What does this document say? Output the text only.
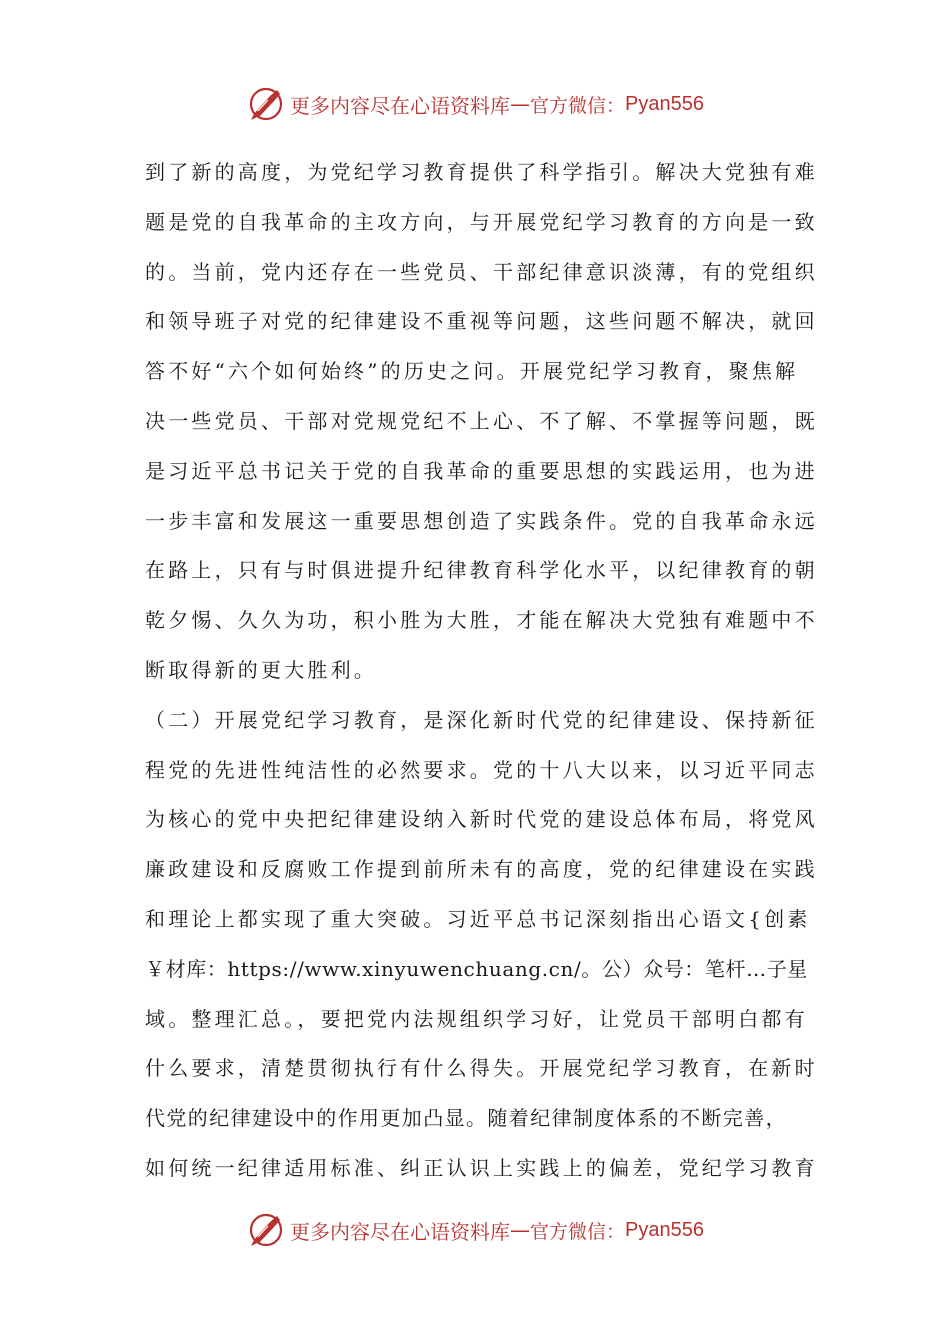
更多内容尽在心语资料库 — 官方微信： Pyan556
到了新的高度，为党纪学习教育提供了科学指引。解决大党独有难
题是党的自我革命的主攻方向，与开展党纪学习教育的方向是一致
的。当前，党内还存在一些党员、干部纪律意识淡薄，有的党组织
和领导班子对党的纪律建设不重视等问题，这些问题不解决，就回
答不好“六个如何始终”的历史之问。开展党纪学习教育，聚焦解
决一些党员、干部对党规党纪不上心、不了解、不掌握等问题，既
是习近平总书记关于党的自我革命的重要思想的实践运用，也为进
一步丰富和发展这一重要思想创造了实践条件。党的自我革命永远
在路上，只有与时俱进提升纪律教育科学化水平，以纪律教育的朝
乾夕惕、久久为功，积小胜为大胜，才能在解决大党独有难题中不
断取得新的更大胜利。
（二）开展党纪学习教育，是深化新时代党的纪律建设、保持新征
程党的先进性纯洁性的必然要求。党的十八大以来，以习近平同志
为核心的党中央把纪律建设纳入新时代党的建设总体布局，将党风
廉政建设和反腐败工作提到前所未有的高度，党的纪律建设在实践
和理论上都实现了重大突破。习近平总书记深刻指出心语文{创素
￥材库：https://www.xinyuwenchuang.cn/。公）众号：笔杆…子星
域。整理汇总。，要把党内法规组织学习好，让党员干部明白都有
什么要求，清楚贯彻执行有什么得失。开展党纪学习教育，在新时
代党的纪律建设中的作用更加凸显。随着纪律制度体系的不断完善，
如何统一纪律适用标准、纠正认识上实践上的偏差，党纪学习教育
更多内容尽在心语资料库 — 官方微信： Pyan556
